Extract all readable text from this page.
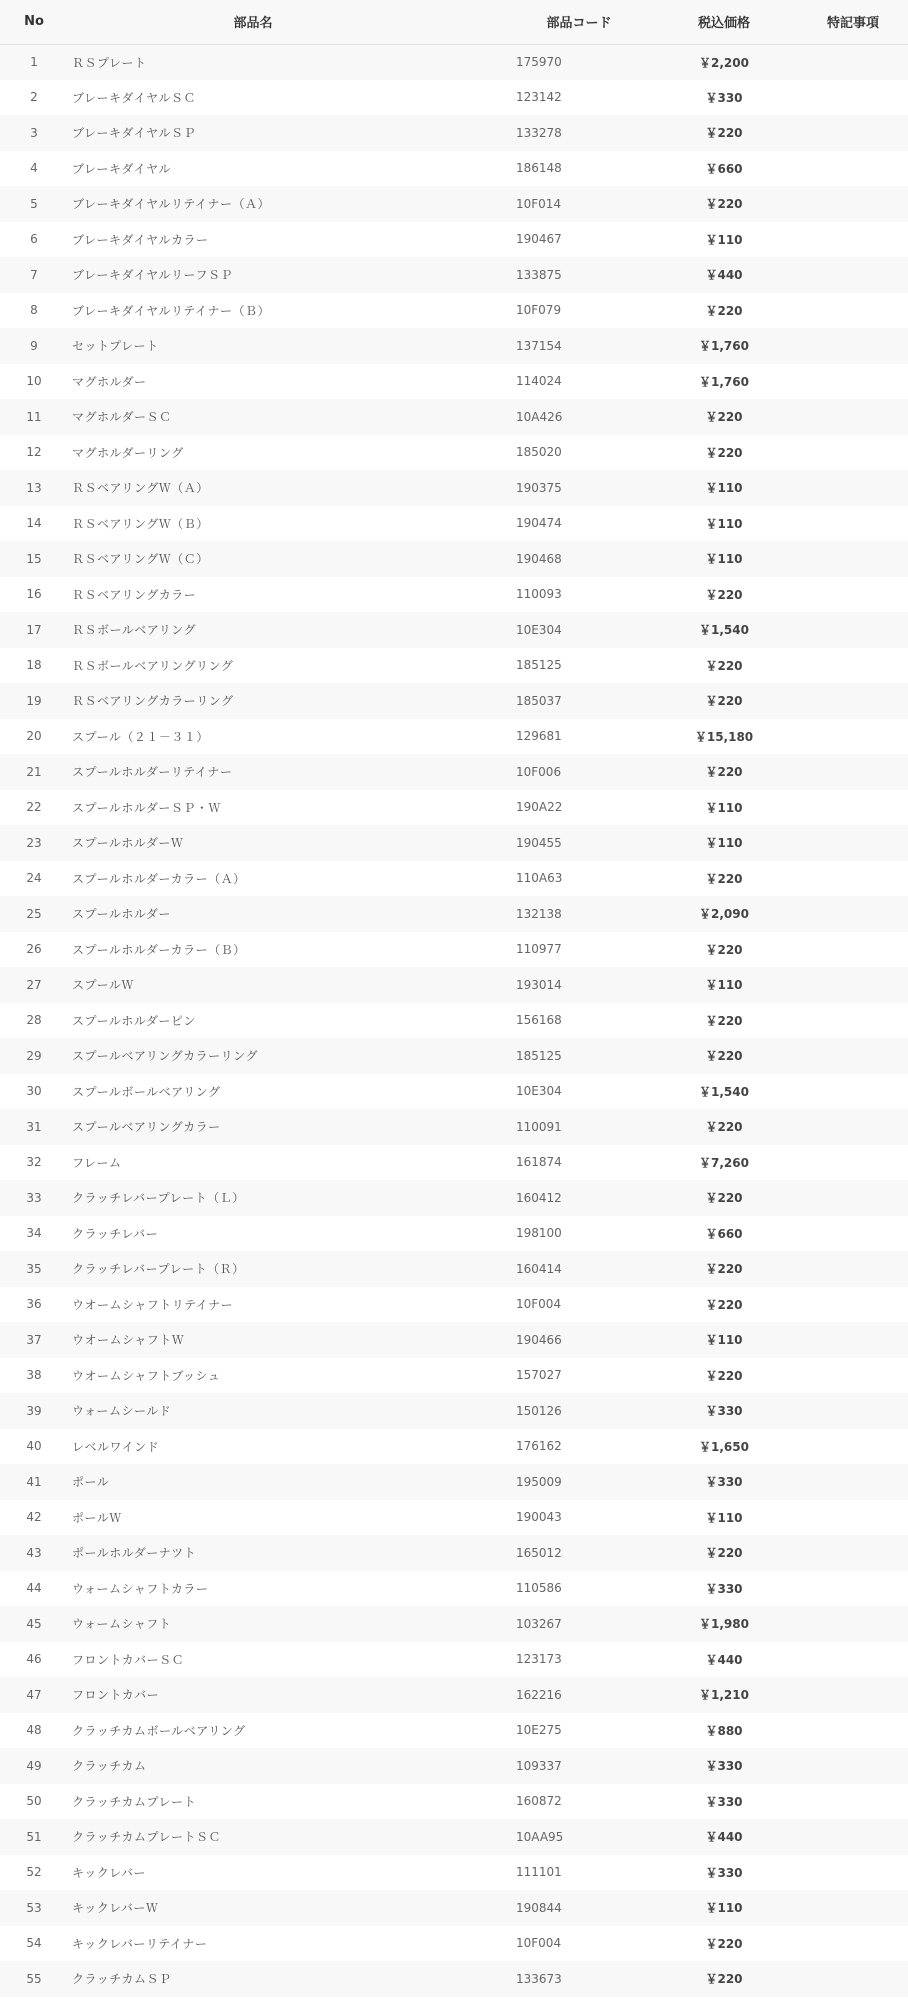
No	部品名	部品コード	税込価格	特記事項
1	ＲＳプレート	175970	￥2,200	
2	ブレーキダイヤルＳＣ	123142	￥330	
3	ブレーキダイヤルＳＰ	133278	￥220	
4	ブレーキダイヤル	186148	￥660	
5	ブレーキダイヤルリテイナー（Ａ）	10F014	￥220	
6	ブレーキダイヤルカラー	190467	￥110	
7	ブレーキダイヤルリーフＳＰ	133875	￥440	
8	ブレーキダイヤルリテイナー（Ｂ）	10F079	￥220	
9	セットプレート	137154	￥1,760	
10	マグホルダー	114024	￥1,760	
11	マグホルダーＳＣ	10A426	￥220	
12	マグホルダーリング	185020	￥220	
13	ＲＳベアリングＷ（Ａ）	190375	￥110	
14	ＲＳベアリングＷ（Ｂ）	190474	￥110	
15	ＲＳベアリングＷ（Ｃ）	190468	￥110	
16	ＲＳベアリングカラー	110093	￥220	
17	ＲＳボールベアリング	10E304	￥1,540	
18	ＲＳボールベアリングリング	185125	￥220	
19	ＲＳベアリングカラーリング	185037	￥220	
20	スプール（２１－３１）	129681	￥15,180	
21	スプールホルダーリテイナー	10F006	￥220	
22	スプールホルダーＳＰ・Ｗ	190A22	￥110	
23	スプールホルダーＷ	190455	￥110	
24	スプールホルダーカラー（Ａ）	110A63	￥220	
25	スプールホルダー	132138	￥2,090	
26	スプールホルダーカラー（Ｂ）	110977	￥220	
27	スプールＷ	193014	￥110	
28	スプールホルダーピン	156168	￥220	
29	スプールベアリングカラーリング	185125	￥220	
30	スプールボールベアリング	10E304	￥1,540	
31	スプールベアリングカラー	110091	￥220	
32	フレーム	161874	￥7,260	
33	クラッチレバープレート（Ｌ）	160412	￥220	
34	クラッチレバー	198100	￥660	
35	クラッチレバープレート（Ｒ）	160414	￥220	
36	ウオームシャフトリテイナー	10F004	￥220	
37	ウオームシャフトＷ	190466	￥110	
38	ウオームシャフトブッシュ	157027	￥220	
39	ウォームシールド	150126	￥330	
40	レベルワインド	176162	￥1,650	
41	ポール	195009	￥330	
42	ポールＷ	190043	￥110	
43	ポールホルダーナツト	165012	￥220	
44	ウォームシャフトカラー	110586	￥330	
45	ウォームシャフト	103267	￥1,980	
46	フロントカバーＳＣ	123173	￥440	
47	フロントカバー	162216	￥1,210	
48	クラッチカムボールベアリング	10E275	￥880	
49	クラッチカム	109337	￥330	
50	クラッチカムプレート	160872	￥330	
51	クラッチカムプレートＳＣ	10AA95	￥440	
52	キックレバー	111101	￥330	
53	キックレバーＷ	190844	￥110	
54	キックレバーリテイナー	10F004	￥220	
55	クラッチカムＳＰ	133673	￥220	
